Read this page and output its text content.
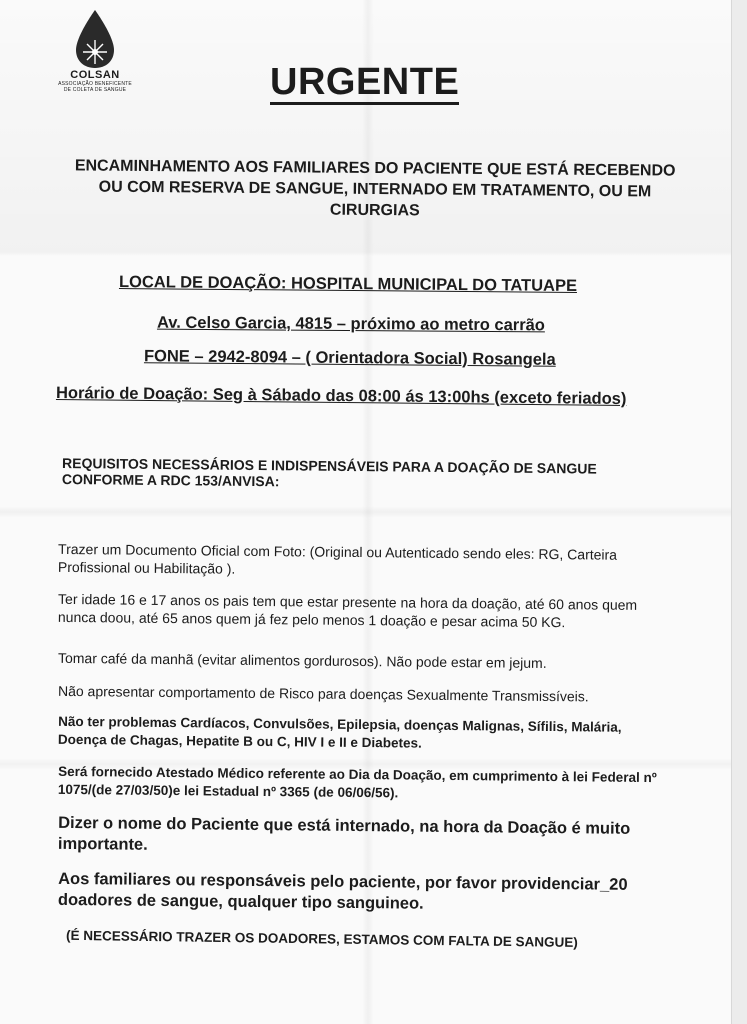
COLSAN
ASSOCIAÇÃO BENEFICENTE
DE COLETA DE SANGUE	URGENTE
ENCAMINHAMENTO AOS FAMILIARES DO PACIENTE QUE ESTÁ RECEBENDO OU COM RESERVA DE SANGUE, INTERNADO EM TRATAMENTO, OU EM CIRURGIAS
LOCAL DE DOAÇÃO: HOSPITAL MUNICIPAL DO TATUAPE
Av. Celso Garcia, 4815 – próximo ao metro carrão
FONE – 2942-8094 – ( Orientadora Social) Rosangela
Horário de Doação: Seg à Sábado das 08:00 ás 13:00hs (exceto feriados)
REQUISITOS NECESSÁRIOS E INDISPENSÁVEIS PARA A DOAÇÃO DE SANGUE CONFORME A RDC 153/ANVISA:
Trazer um Documento Oficial com Foto: (Original ou Autenticado sendo eles: RG, Carteira Profissional ou Habilitação ).
Ter idade 16 e 17 anos os pais tem que estar presente na hora da doação, até 60 anos quem nunca doou, até 65 anos quem já fez pelo menos 1 doação e pesar acima 50 KG.
Tomar café da manhã (evitar alimentos gordurosos). Não pode estar em jejum.
Não apresentar comportamento de Risco para doenças Sexualmente Transmissíveis.
Não ter problemas Cardíacos, Convulsões, Epilepsia, doenças Malignas, Sífilis, Malária, Doença de Chagas, Hepatite B ou C, HIV I e II e Diabetes.
Será fornecido Atestado Médico referente ao Dia da Doação, em cumprimento à lei Federal nº 1075/(de 27/03/50)e lei Estadual nº 3365 (de 06/06/56).
Dizer o nome do Paciente que está internado, na hora da Doação é muito importante.
Aos familiares ou responsáveis pelo paciente, por favor providenciar_20 doadores de sangue, qualquer tipo sanguineo.
(É NECESSÁRIO TRAZER OS DOADORES, ESTAMOS COM FALTA DE SANGUE)
